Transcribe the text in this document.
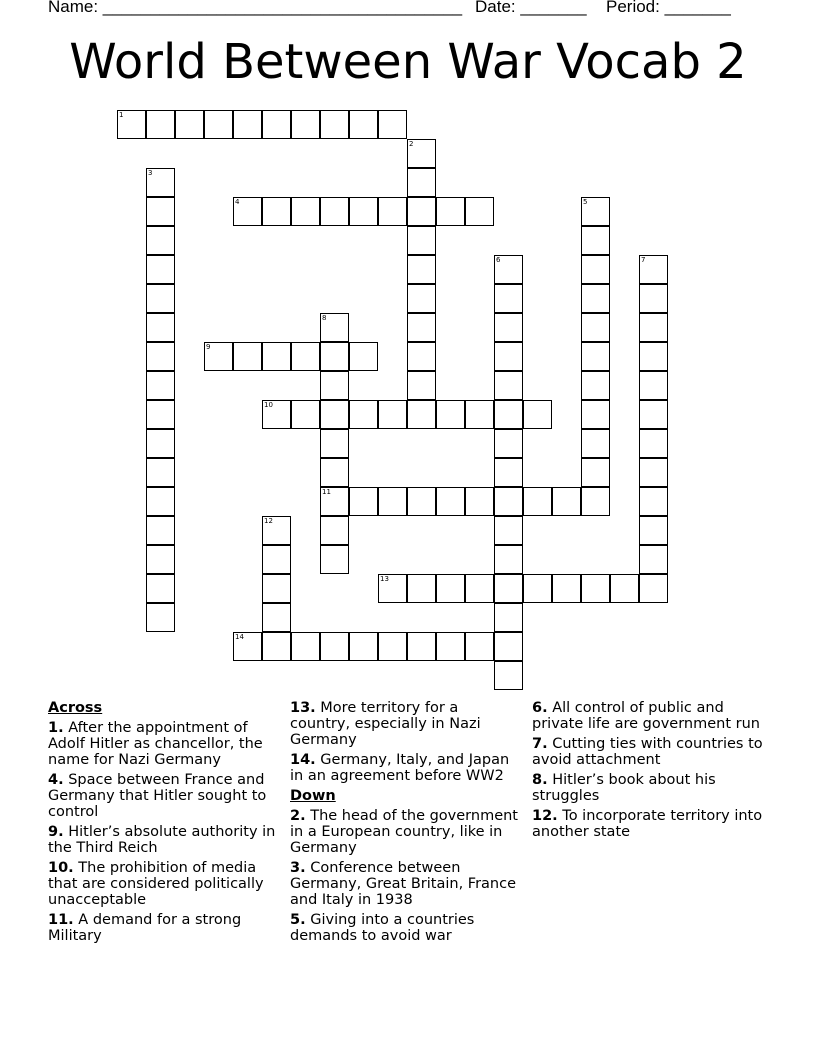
Name: ______________________________________ Date: _______ Period: _______
World Between War Vocab 2
1
2
3
4	5
6	7
8
11
9
10
12
13
14
Across
1. After the appointment of Adolf Hitler as chancellor, the name for Nazi Germany
4. Space between France and Germany that Hitler sought to control
9. Hitler’s absolute authority in the Third Reich
10. The prohibition of media that are considered politically unacceptable
11. A demand for a strong Military
13. More territory for a country, especially in Nazi Germany
14. Germany, Italy, and Japan in an agreement before WW2
Down
2. The head of the government in a European country, like in Germany
3. Conference between Germany, Great Britain, France and Italy in 1938
5. Giving into a countries demands to avoid war
6. All control of public and private life are government run
7. Cutting ties with countries to avoid attachment
8. Hitler’s book about his struggles
12. To incorporate territory into another state
